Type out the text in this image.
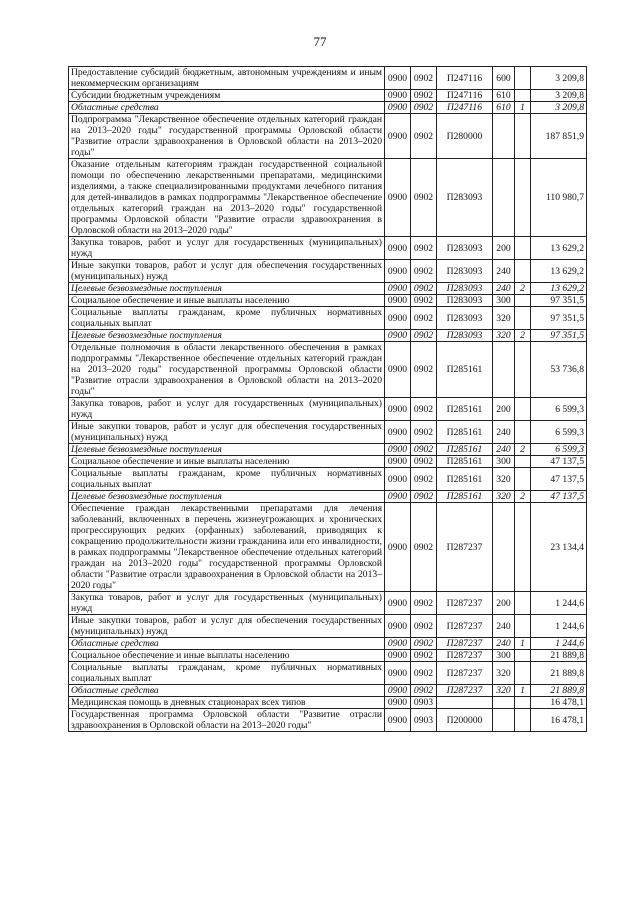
77
Предоставление субсидий бюджетным, автономным учреждениям и иным некоммерческим организациям	0900	0902	П247116	600		3 209,8
Субсидии бюджетным учреждениям	0900	0902	П247116	610		3 209,8
Областные средства	0900	0902	П247116	610	1	3 209,8
Подпрограмма "Лекарственное обеспечение отдельных категорий граждан на 2013–2020 годы" государственной программы Орловской области "Развитие отрасли здравоохранения в Орловской области на 2013–2020 годы"	0900	0902	П280000			187 851,9
Оказание отдельным категориям граждан государственной социальной помощи по обеспечению лекарственными препаратами, медицинскими изделиями, а также специализированными продуктами лечебного питания для детей-инвалидов в рамках подпрограммы "Лекарственное обеспечение отдельных категорий граждан на 2013–2020 годы" государственной программы Орловской области "Развитие отрасли здравоохранения в Орловской области на 2013–2020 годы"	0900	0902	П283093			110 980,7
Закупка товаров, работ и услуг для государственных (муниципальных) нужд	0900	0902	П283093	200		13 629,2
Иные закупки товаров, работ и услуг для обеспечения государственных (муниципальных) нужд	0900	0902	П283093	240		13 629,2
Целевые безвозмездные поступления	0900	0902	П283093	240	2	13 629,2
Социальное обеспечение и иные выплаты населению	0900	0902	П283093	300		97 351,5
Социальные выплаты гражданам, кроме публичных нормативных социальных выплат	0900	0902	П283093	320		97 351,5
Целевые безвозмездные поступления	0900	0902	П283093	320	2	97 351,5
Отдельные полномочия в области лекарственного обеспечения в рамках подпрограммы "Лекарственное обеспечение отдельных категорий граждан на 2013–2020 годы" государственной программы Орловской области "Развитие отрасли здравоохранения в Орловской области на 2013–2020 годы"	0900	0902	П285161			53 736,8
Закупка товаров, работ и услуг для государственных (муниципальных) нужд	0900	0902	П285161	200		6 599,3
Иные закупки товаров, работ и услуг для обеспечения государственных (муниципальных) нужд	0900	0902	П285161	240		6 599,3
Целевые безвозмездные поступления	0900	0902	П285161	240	2	6 599,3
Социальное обеспечение и иные выплаты населению	0900	0902	П285161	300		47 137,5
Социальные выплаты гражданам, кроме публичных нормативных социальных выплат	0900	0902	П285161	320		47 137,5
Целевые безвозмездные поступления	0900	0902	П285161	320	2	47 137,5
Обеспечение граждан лекарственными препаратами для лечения заболеваний, включенных в перечень жизнеугрожающих и хронических прогрессирующих редких (орфанных) заболеваний, приводящих к сокращению продолжительности жизни гражданина или его инвалидности, в рамках подпрограммы "Лекарственное обеспечение отдельных категорий граждан на 2013–2020 годы" государственной программы Орловской области "Развитие отрасли здравоохранения в Орловской области на 2013–2020 годы"	0900	0902	П287237			23 134,4
Закупка товаров, работ и услуг для государственных (муниципальных) нужд	0900	0902	П287237	200		1 244,6
Иные закупки товаров, работ и услуг для обеспечения государственных (муниципальных) нужд	0900	0902	П287237	240		1 244,6
Областные средства	0900	0902	П287237	240	1	1 244,6
Социальное обеспечение и иные выплаты населению	0900	0902	П287237	300		21 889,8
Социальные выплаты гражданам, кроме публичных нормативных социальных выплат	0900	0902	П287237	320		21 889,8
Областные средства	0900	0902	П287237	320	1	21 889,8
Медицинская помощь в дневных стационарах всех типов	0900	0903				16 478,1
Государственная программа Орловской области "Развитие отрасли здравоохранения в Орловской области на 2013–2020 годы"	0900	0903	П200000			16 478,1
